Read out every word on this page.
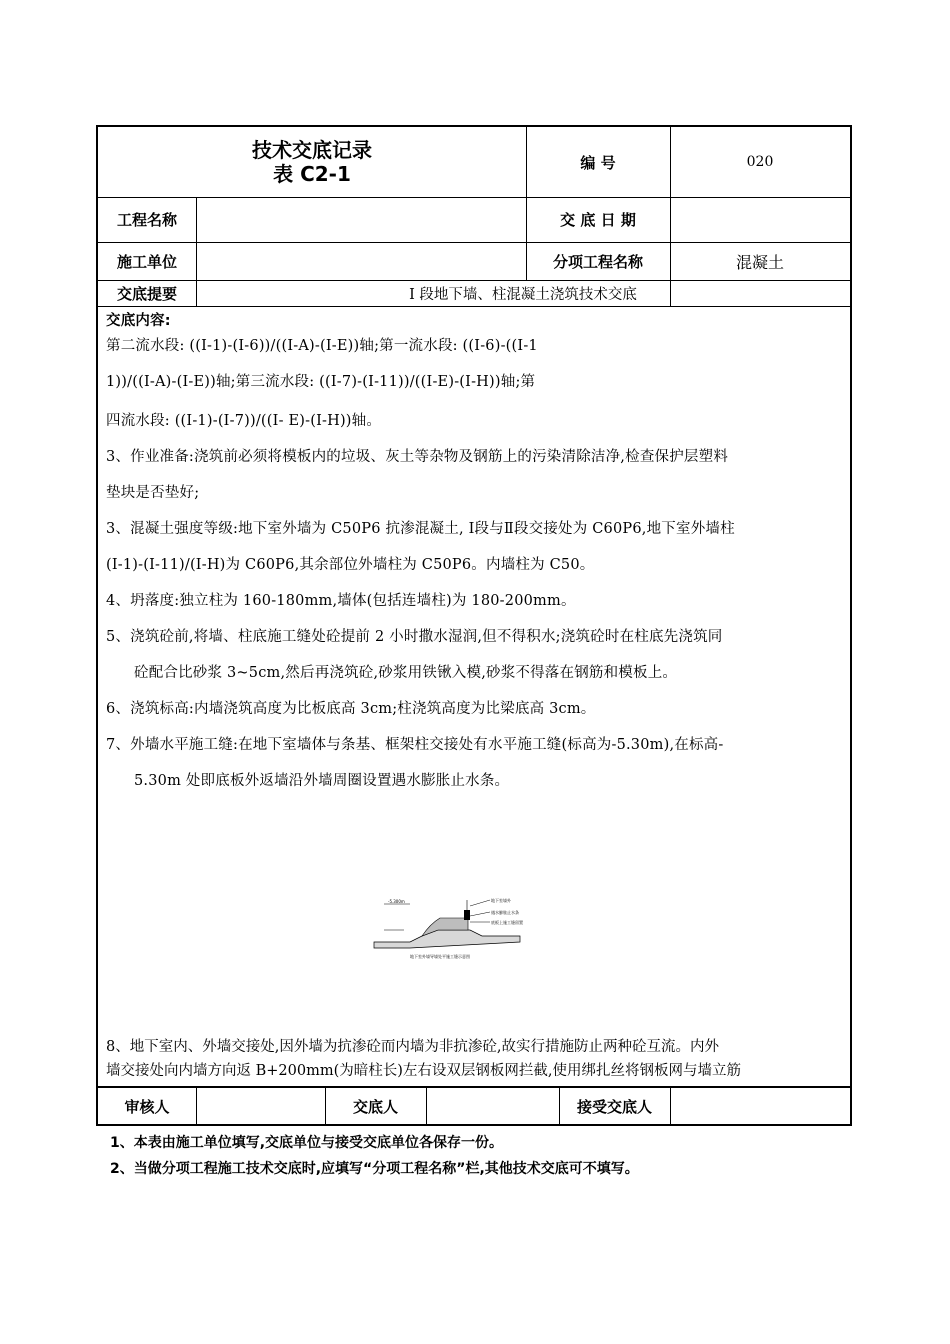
技术交底记录
表 C2-1	编 号	020
工程名称	交 底 日 期
施工单位	分项工程名称	混凝土
交底提要	Ⅰ 段地下墙、柱混凝土浇筑技术交底

交底内容:

第二流水段: ((I-1)-(I-6))/((I-A)-(I-E))轴;第一流水段: ((I-6)-((I-1

1))/((I-A)-(I-E))轴;第三流水段: ((I-7)-(I-11))/((I-E)-(I-H))轴;第

四流水段: ((I-1)-(I-7))/((I- E)-(I-H))轴。

3、作业准备:浇筑前必须将模板内的垃圾、灰土等杂物及钢筋上的污染清除洁净,检查保护层塑料

垫块是否垫好;

3、混凝土强度等级:地下室外墙为 C50P6 抗渗混凝土, Ⅰ段与Ⅱ段交接处为 C60P6,地下室外墙柱

(Ⅰ-1)-(Ⅰ-11)/(Ⅰ-H)为 C60P6,其余部位外墙柱为 C50P6。内墙柱为 C50。

4、坍落度:独立柱为 160-180mm,墙体(包括连墙柱)为 180-200mm。

5、浇筑砼前,将墙、柱底施工缝处砼提前 2 小时撒水湿润,但不得积水;浇筑砼时在柱底先浇筑同

砼配合比砂浆 3~5cm,然后再浇筑砼,砂浆用铁锹入模,砂浆不得落在钢筋和模板上。

6、浇筑标高:内墙浇筑高度为比板底高 3cm;柱浇筑高度为比梁底高 3cm。

7、外墙水平施工缝:在地下室墙体与条基、框架柱交接处有水平施工缝(标高为-5.30m),在标高-

5.30m 处即底板外返墙沿外墙周圈设置遇水膨胀止水条。

8、地下室内、外墙交接处,因外墙为抗渗砼而内墙为非抗渗砼,故实行措施防止两种砼互流。内外

墙交接处向内墙方向返 B+200mm(为暗柱长)左右设双层钢板网拦截,使用绑扎丝将钢板网与墙立筋

审核人	交底人	接受交底人
-5.300m	地下室墙外
遇水膨胀止水条
底板上施工缝留置
地下室外墙导墙处平施工缝示意图
1、本表由施工单位填写,交底单位与接受交底单位各保存一份。
2、当做分项工程施工技术交底时,应填写“分项工程名称”栏,其他技术交底可不填写。
